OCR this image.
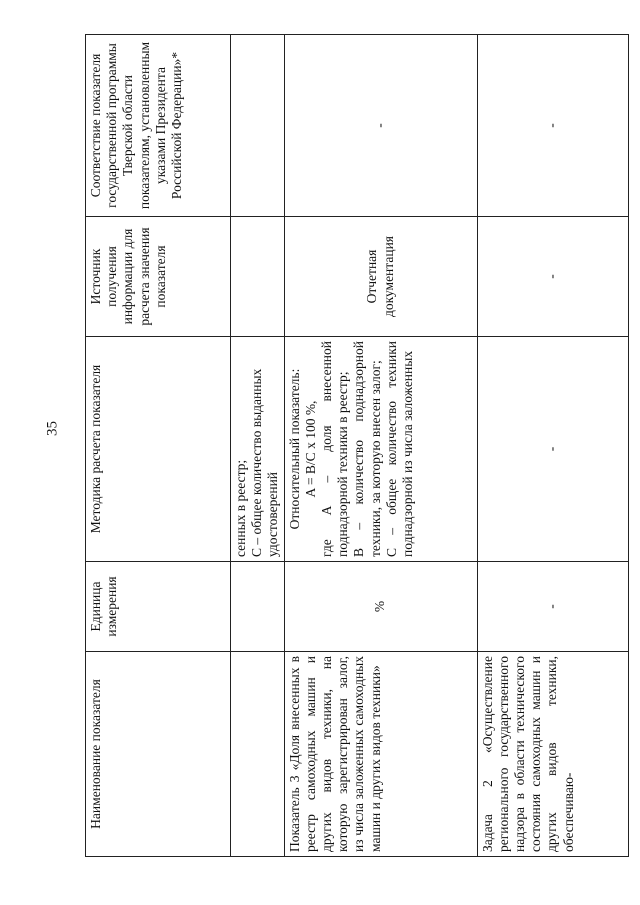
35
Наименование показателя	Единица измерения	Методика расчета показателя	Источник получения информации для расчета значения показателя	Соответствие показателя государственной программы Тверской области показателям, установленным указами Президента Российской Федерации»*
		сенных в реестр;
С – общее количество выданных удостоверений		
Показатель 3 «Доля внесенных в реестр самоходных машин и других видов техники, на которую зарегистрирован залог, из числа заложенных самоходных машин и других видов техники»	%	Относительный показатель: A = B/C x 100 %, где A – доля внесенной поднадзорной техники в реестр; B – количество поднадзорной техники, за которую внесен залог; С – общее количество техники поднадзорной из числа заложенных	Отчетная документация	-
Задача 2 «Осуществление регионального государственного надзора в области технического состояния самоходных машин и других видов техники, обеспечиваю-	-	-	-	-
